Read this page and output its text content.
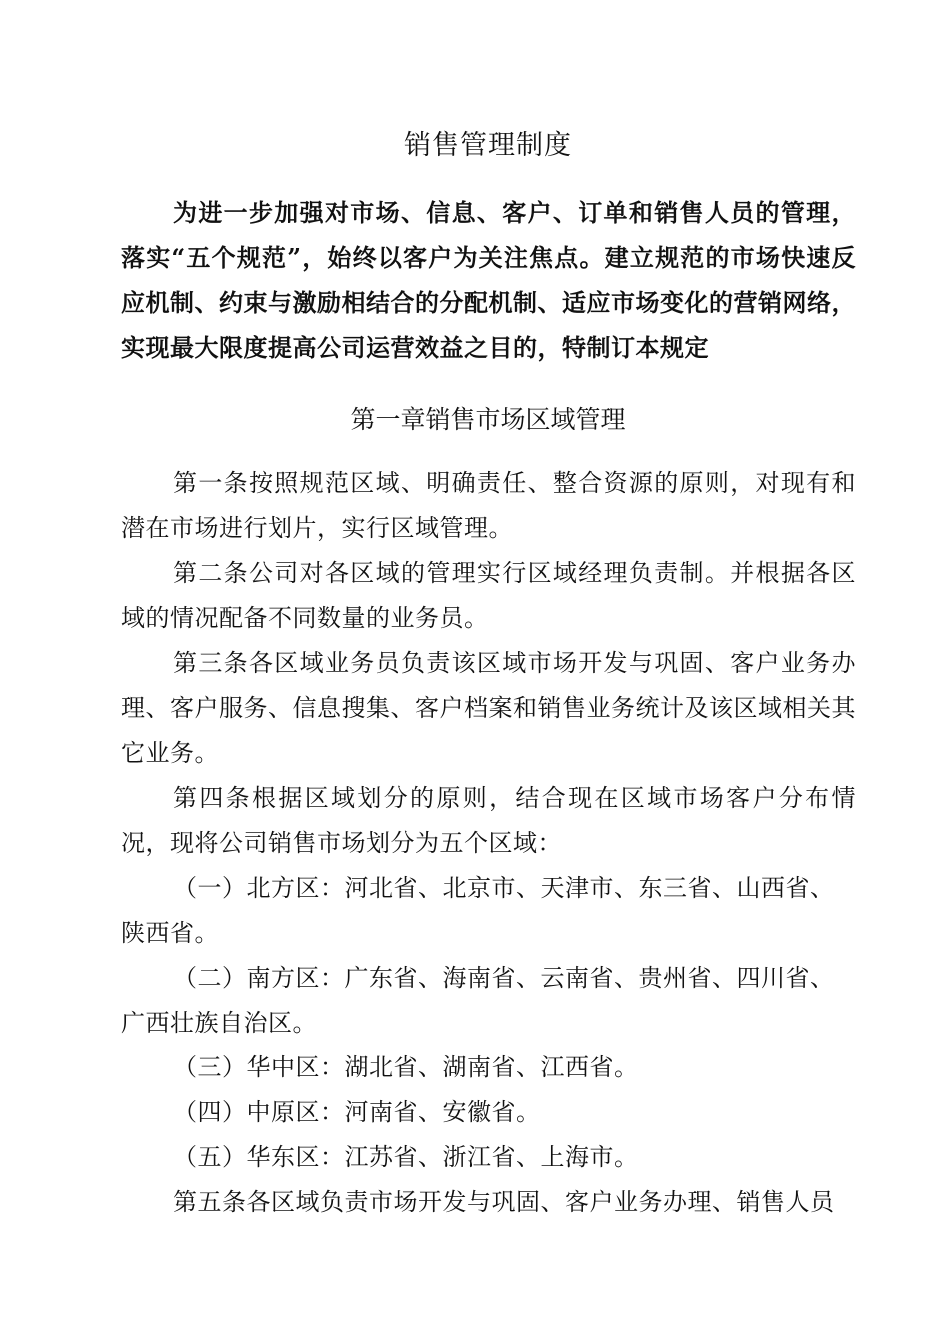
销售管理制度

为进一步加强对市场、信息、客户、订单和销售人员的管理，落实“五个规范”，始终以客户为关注焦点。建立规范的市场快速反应机制、约束与激励相结合的分配机制、适应市场变化的营销网络，实现最大限度提高公司运营效益之目的，特制订本规定

第一章销售市场区域管理

第一条按照规范区域、明确责任、整合资源的原则，对现有和潜在市场进行划片，实行区域管理。

第二条公司对各区域的管理实行区域经理负责制。并根据各区域的情况配备不同数量的业务员。

第三条各区域业务员负责该区域市场开发与巩固、客户业务办理、客户服务、信息搜集、客户档案和销售业务统计及该区域相关其它业务。

第四条根据区域划分的原则，结合现在区域市场客户分布情况，现将公司销售市场划分为五个区域：

（一）北方区：河北省、北京市、天津市、东三省、山西省、陕西省。

（二）南方区：广东省、海南省、云南省、贵州省、四川省、广西壮族自治区。

（三）华中区：湖北省、湖南省、江西省。

（四）中原区：河南省、安徽省。

（五）华东区：江苏省、浙江省、上海市。

第五条各区域负责市场开发与巩固、客户业务办理、销售人员
